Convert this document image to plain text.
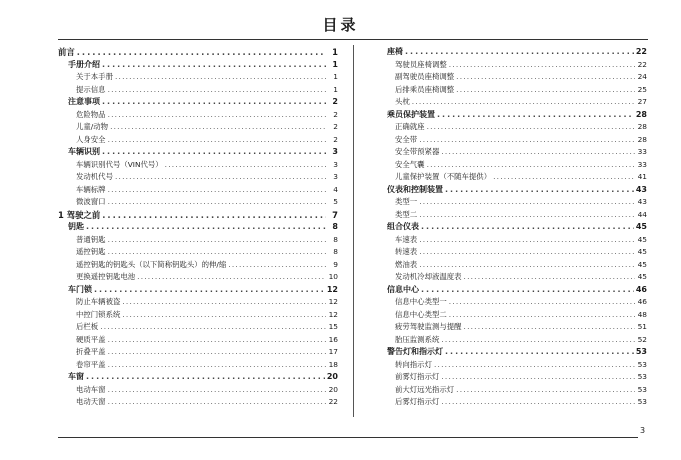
目录
前言 .....	1
手册介绍 .....	1
关于本手册 .....	1
提示信息 .....	1
注意事项 .....	2
危险物品 .....	2
儿童/动物 .....	2
人身安全 .....	2
车辆识别 .....	3
车辆识别代号（VIN代号） .....	3
发动机代号 .....	3
车辆标牌 .....	4
微波窗口 .....	5
1 驾驶之前 .....	7
钥匙 .....	8
普通钥匙 .....	8
遥控钥匙 .....	8
遥控钥匙的钥匙头（以下简称钥匙头）的伸/缩 .....	9
更换遥控钥匙电池 .....	10
车门锁 .....	12
防止车辆被盗 .....	12
中控门锁系统 .....	12
后栏板 .....	15
硬质平盖 .....	16
折叠平盖 .....	17
卷帘平盖 .....	18
车窗 .....	20
电动车窗 .....	20
电动天窗 .....	22
座椅 .....	22
驾驶员座椅调整 .....	22
副驾驶员座椅调整 .....	24
后排乘员座椅调整 .....	25
头枕 .....	27
乘员保护装置 .....	28
正确就座 .....	28
安全带 .....	28
安全带预紧器 .....	33
安全气囊 .....	33
儿童保护装置（不随车提供） .....	41
仪表和控制装置 .....	43
类型一 .....	43
类型二 .....	44
组合仪表 .....	45
车速表 .....	45
转速表 .....	45
燃油表 .....	45
发动机冷却液温度表 .....	45
信息中心 .....	46
信息中心类型一 .....	46
信息中心类型二 .....	48
疲劳驾驶监测与提醒 .....	51
胎压监测系统 .....	52
警告灯和指示灯 .....	53
转向指示灯 .....	53
前雾灯指示灯 .....	53
前大灯远光指示灯 .....	53
后雾灯指示灯 .....	53
3
